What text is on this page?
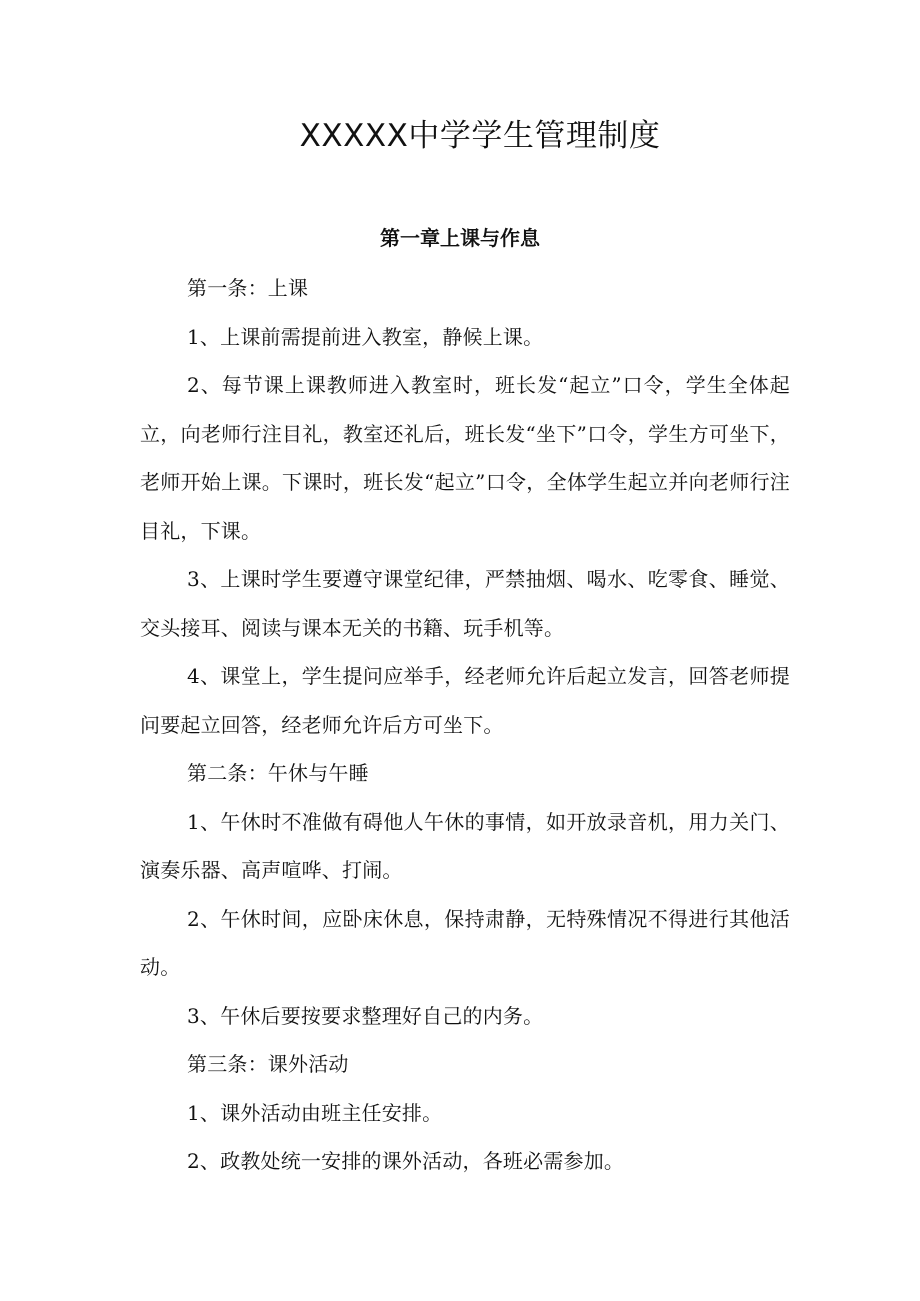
XXXXX中学学生管理制度
第一章上课与作息

第一条：上课

1、上课前需提前进入教室，静候上课。

2、每节课上课教师进入教室时，班长发“起立”口令，学生全体起立，向老师行注目礼，教室还礼后，班长发“坐下”口令，学生方可坐下，老师开始上课。下课时，班长发“起立”口令，全体学生起立并向老师行注目礼，下课。

3、上课时学生要遵守课堂纪律，严禁抽烟、喝水、吃零食、睡觉、交头接耳、阅读与课本无关的书籍、玩手机等。

4、课堂上，学生提问应举手，经老师允许后起立发言，回答老师提问要起立回答，经老师允许后方可坐下。

第二条：午休与午睡

1、午休时不准做有碍他人午休的事情，如开放录音机，用力关门、演奏乐器、高声喧哗、打闹。

2、午休时间，应卧床休息，保持肃静，无特殊情况不得进行其他活动。

3、午休后要按要求整理好自己的内务。

第三条：课外活动

1、课外活动由班主任安排。

2、政教处统一安排的课外活动，各班必需参加。
